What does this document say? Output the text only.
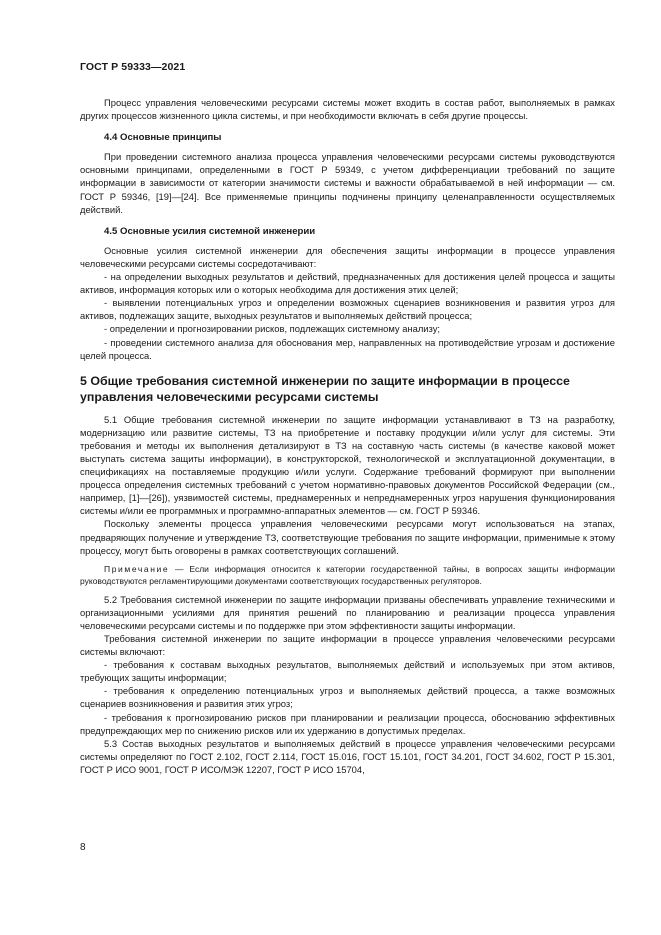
ГОСТ Р 59333—2021

Процесс управления человеческими ресурсами системы может входить в состав работ, выполняемых в рамках других процессов жизненного цикла системы, и при необходимости включать в себя другие процессы.

4.4 Основные принципы

При проведении системного анализа процесса управления человеческими ресурсами системы руководствуются основными принципами, определенными в ГОСТ Р 59349, с учетом дифференциации требований по защите информации в зависимости от категории значимости системы и важности обрабатываемой в ней информации — см. ГОСТ Р 59346, [19]—[24]. Все применяемые принципы подчинены принципу целенаправленности осуществляемых действий.

4.5 Основные усилия системной инженерии

Основные усилия системной инженерии для обеспечения защиты информации в процессе управления человеческими ресурсами системы сосредотачивают:

- на определении выходных результатов и действий, предназначенных для достижения целей процесса и защиты активов, информация которых или о которых необходима для достижения этих целей;

- выявлении потенциальных угроз и определении возможных сценариев возникновения и развития угроз для активов, подлежащих защите, выходных результатов и выполняемых действий процесса;

- определении и прогнозировании рисков, подлежащих системному анализу;

- проведении системного анализа для обоснования мер, направленных на противодействие угрозам и достижение целей процесса.

5 Общие требования системной инженерии по защите информации в процессе управления человеческими ресурсами системы

5.1 Общие требования системной инженерии по защите информации устанавливают в ТЗ на разработку, модернизацию или развитие системы, ТЗ на приобретение и поставку продукции и/или услуг для системы. Эти требования и методы их выполнения детализируют в ТЗ на составную часть системы (в качестве каковой может выступать система защиты информации), в конструкторской, технологической и эксплуатационной документации, в спецификациях на поставляемые продукцию и/или услуги. Содержание требований формируют при выполнении процесса определения системных требований с учетом нормативно-правовых документов Российской Федерации (см., например, [1]—[26]), уязвимостей системы, преднамеренных и непреднамеренных угроз нарушения функционирования системы и/или ее программных и программно-аппаратных элементов — см. ГОСТ Р 59346.

Поскольку элементы процесса управления человеческими ресурсами могут использоваться на этапах, предваряющих получение и утверждение ТЗ, соответствующие требования по защите информации, применимые к этому процессу, могут быть оговорены в рамках соответствующих соглашений.

Примечание — Если информация относится к категории государственной тайны, в вопросах защиты информации руководствуются регламентирующими документами соответствующих государственных регуляторов.

5.2 Требования системной инженерии по защите информации призваны обеспечивать управление техническими и организационными усилиями для принятия решений по планированию и реализации процесса управления человеческими ресурсами системы и по поддержке при этом эффективности защиты информации.

Требования системной инженерии по защите информации в процессе управления человеческими ресурсами системы включают:

- требования к составам выходных результатов, выполняемых действий и используемых при этом активов, требующих защиты информации;

- требования к определению потенциальных угроз и выполняемых действий процесса, а также возможных сценариев возникновения и развития этих угроз;

- требования к прогнозированию рисков при планировании и реализации процесса, обоснованию эффективных предупреждающих мер по снижению рисков или их удержанию в допустимых пределах.

5.3 Состав выходных результатов и выполняемых действий в процессе управления человеческими ресурсами системы определяют по ГОСТ 2.102, ГОСТ 2.114, ГОСТ 15.016, ГОСТ 15.101, ГОСТ 34.201, ГОСТ 34.602, ГОСТ Р 15.301, ГОСТ Р ИСО 9001, ГОСТ Р ИСО/МЭК 12207, ГОСТ Р ИСО 15704,

8
